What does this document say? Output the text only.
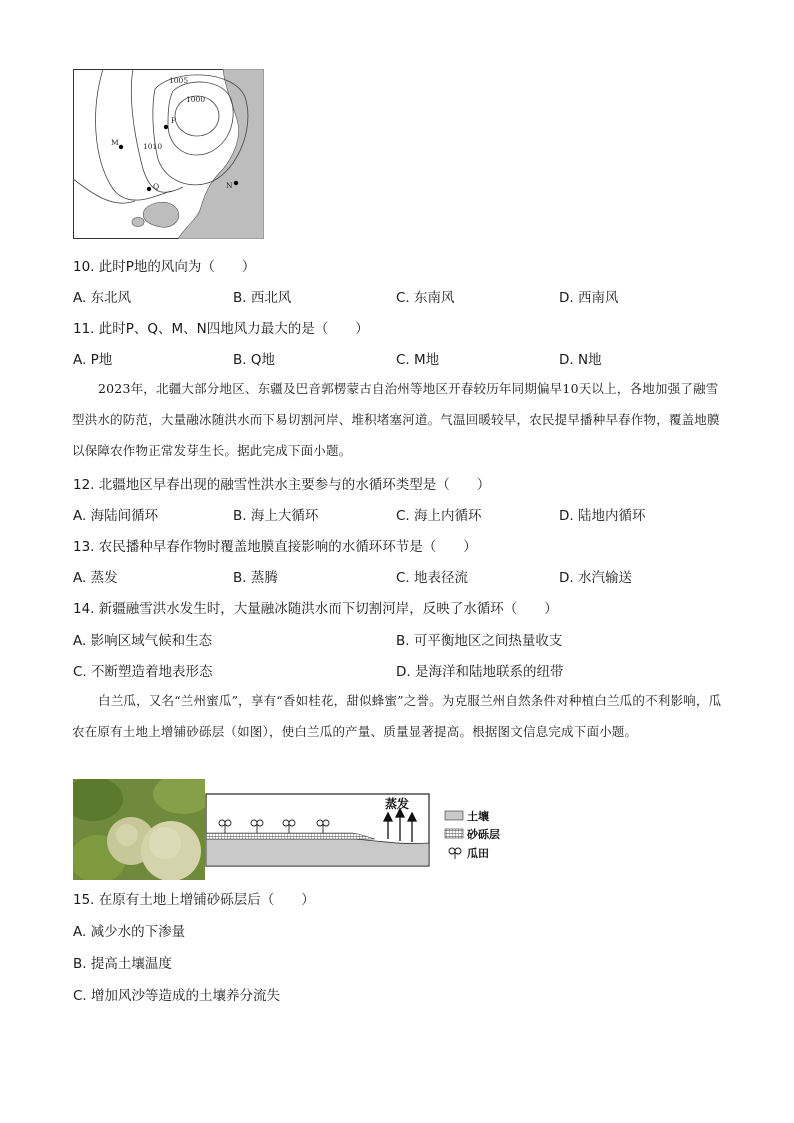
1005
1000
1010
P
M
Q	N
10. 此时P地的风向为（　　）
A. 东北风	B. 西北风	C. 东南风	D. 西南风
11. 此时P、Q、M、N四地风力最大的是（　　）
A. P地	B. Q地	C. M地	D. N地
2023年，北疆大部分地区、东疆及巴音郭楞蒙古自治州等地区开春较历年同期偏早10天以上，各地加强了融雪型洪水的防范，大量融冰随洪水而下易切割河岸、堆积堵塞河道。气温回暖较早，农民提早播种早春作物，覆盖地膜以保障农作物正常发芽生长。据此完成下面小题。
12. 北疆地区早春出现的融雪性洪水主要参与的水循环类型是（　　）
A. 海陆间循环	B. 海上大循环	C. 海上内循环	D. 陆地内循环
13. 农民播种早春作物时覆盖地膜直接影响的水循环环节是（　　）
A. 蒸发	B. 蒸腾	C. 地表径流	D. 水汽输送
14. 新疆融雪洪水发生时，大量融冰随洪水而下切割河岸，反映了水循环（　　）
A. 影响区域气候和生态	B. 可平衡地区之间热量收支
C. 不断塑造着地表形态	D. 是海洋和陆地联系的纽带
白兰瓜，又名“兰州蜜瓜”，享有“香如桂花，甜似蜂蜜”之誉。为克服兰州自然条件对种植白兰瓜的不利影响，瓜农在原有土地上增铺砂砾层（如图），使白兰瓜的产量、质量显著提高。根据图文信息完成下面小题。
蒸发
土壤
砂砾层
瓜田
15. 在原有土地上增铺砂砾层后（　　）
A. 减少水的下渗量
B. 提高土壤温度
C. 增加风沙等造成的土壤养分流失
